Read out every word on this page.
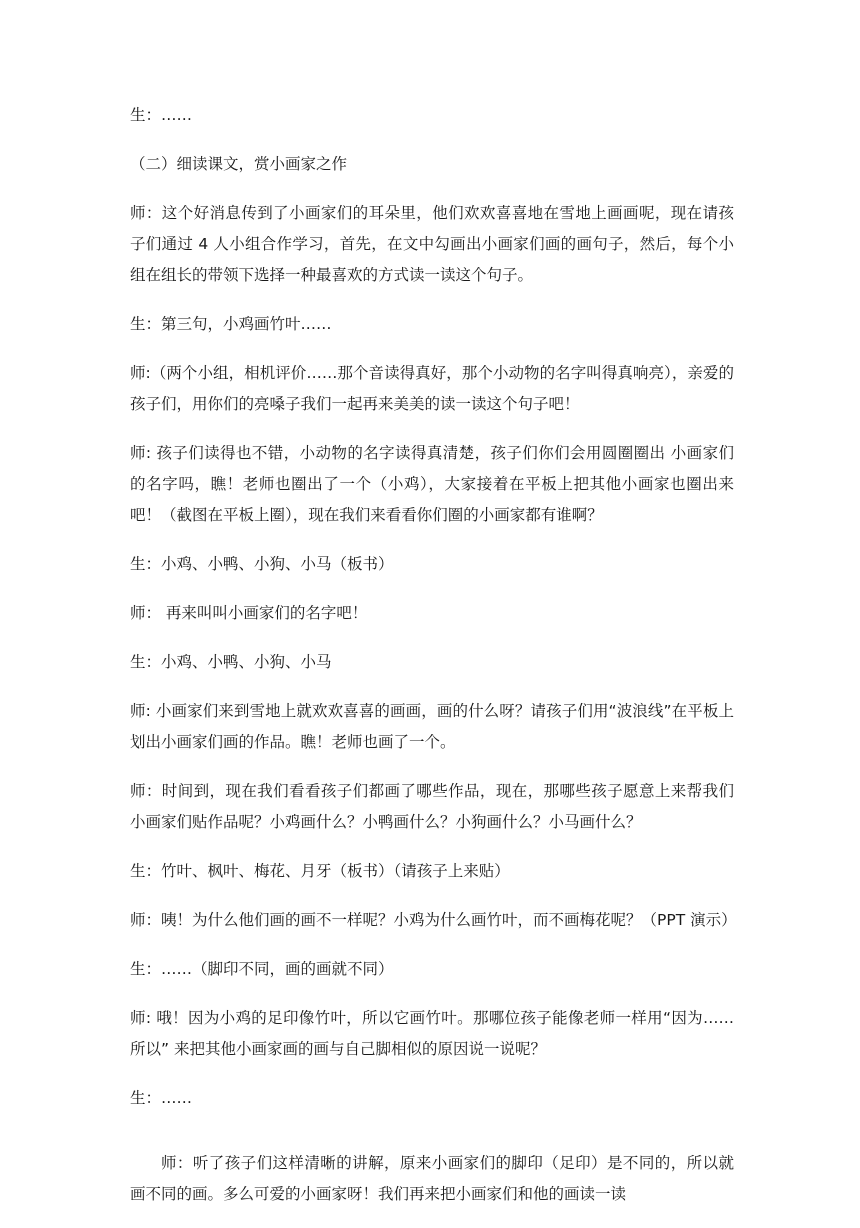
生：……

（二）细读课文，赏小画家之作

师：这个好消息传到了小画家们的耳朵里，他们欢欢喜喜地在雪地上画画呢，现在请孩子们通过 4 人小组合作学习，首先，在文中勾画出小画家们画的画句子，然后，每个小组在组长的带领下选择一种最喜欢的方式读一读这个句子。

生：第三句，小鸡画竹叶……

师:（两个小组，相机评价……那个音读得真好，那个小动物的名字叫得真响亮），亲爱的孩子们，用你们的亮嗓子我们一起再来美美的读一读这个句子吧！

师: 孩子们读得也不错，小动物的名字读得真清楚，孩子们你们会用圆圈圈出 小画家们的名字吗，瞧！老师也圈出了一个（小鸡），大家接着在平板上把其他小画家也圈出来吧！（截图在平板上圈），现在我们来看看你们圈的小画家都有谁啊？

生：小鸡、小鸭、小狗、小马（板书）

师： 再来叫叫小画家们的名字吧！

生：小鸡、小鸭、小狗、小马

师: 小画家们来到雪地上就欢欢喜喜的画画，画的什么呀？请孩子们用“波浪线”在平板上划出小画家们画的作品。瞧！老师也画了一个。

师：时间到，现在我们看看孩子们都画了哪些作品，现在，那哪些孩子愿意上来帮我们小画家们贴作品呢？小鸡画什么？小鸭画什么？小狗画什么？小马画什么？

生：竹叶、枫叶、梅花、月牙（板书）（请孩子上来贴）

师：咦！为什么他们画的画不一样呢？小鸡为什么画竹叶，而不画梅花呢？（PPT 演示）

生：……（脚印不同，画的画就不同）

师: 哦！因为小鸡的足印像竹叶，所以它画竹叶。那哪位孩子能像老师一样用“因为……所以” 来把其他小画家画的画与自己脚相似的原因说一说呢？

生：……

师：听了孩子们这样清晰的讲解，原来小画家们的脚印（足印）是不同的，所以就画不同的画。多么可爱的小画家呀！我们再来把小画家们和他的画读一读
